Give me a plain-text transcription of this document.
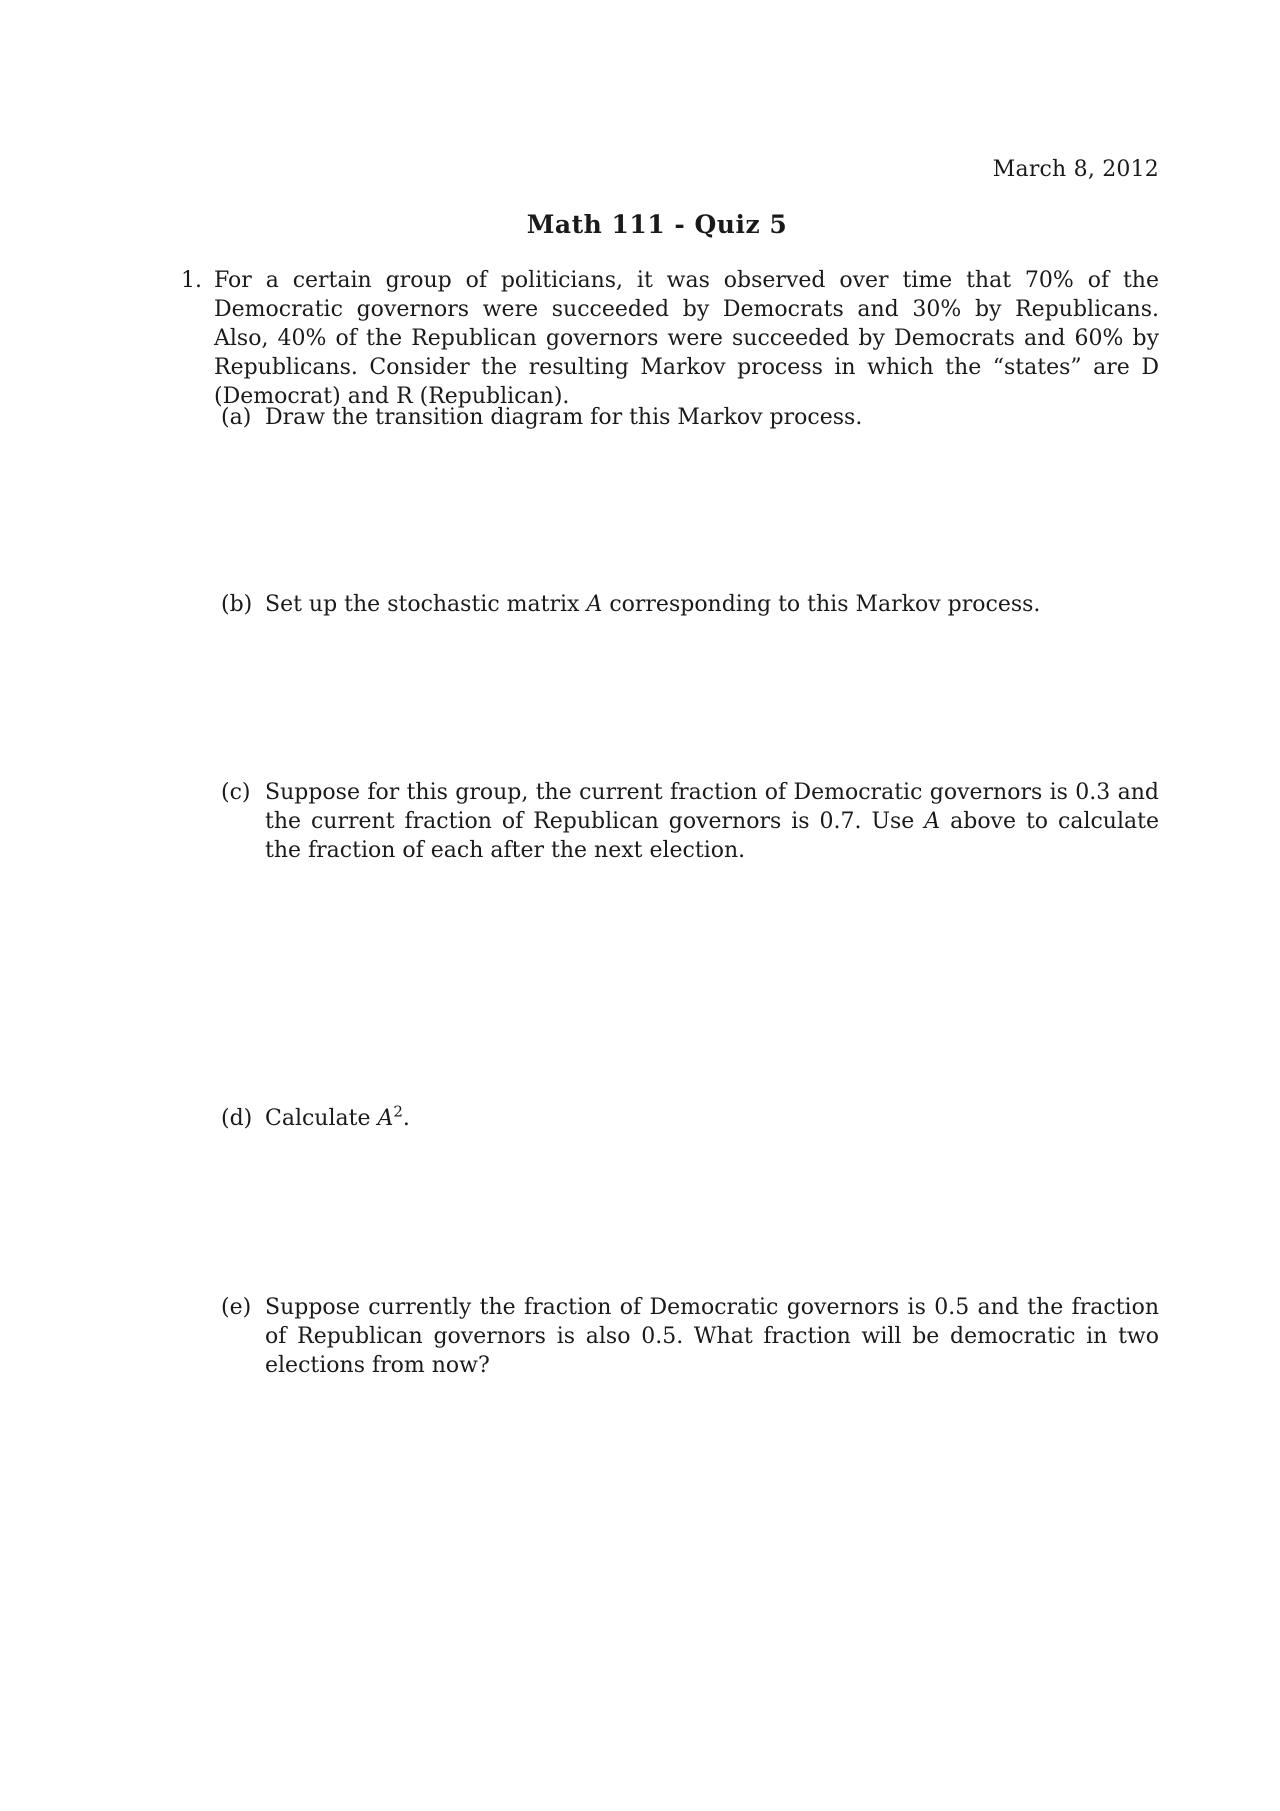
March 8, 2012
Math 111 - Quiz 5
1. For a certain group of politicians, it was observed over time that 70% of the Democratic governors were succeeded by Democrats and 30% by Republicans. Also, 40% of the Republican governors were succeeded by Democrats and 60% by Republicans. Consider the resulting Markov process in which the “states” are D (Democrat) and R (Republican).
(a) Draw the transition diagram for this Markov process.
(b) Set up the stochastic matrix A corresponding to this Markov process.
(c) Suppose for this group, the current fraction of Democratic governors is 0.3 and the current fraction of Republican governors is 0.7. Use A above to calculate the fraction of each after the next election.
(d) Calculate $A^2$.
(e) Suppose currently the fraction of Democratic governors is 0.5 and the fraction of Republican governors is also 0.5. What fraction will be democratic in two elections from now?
